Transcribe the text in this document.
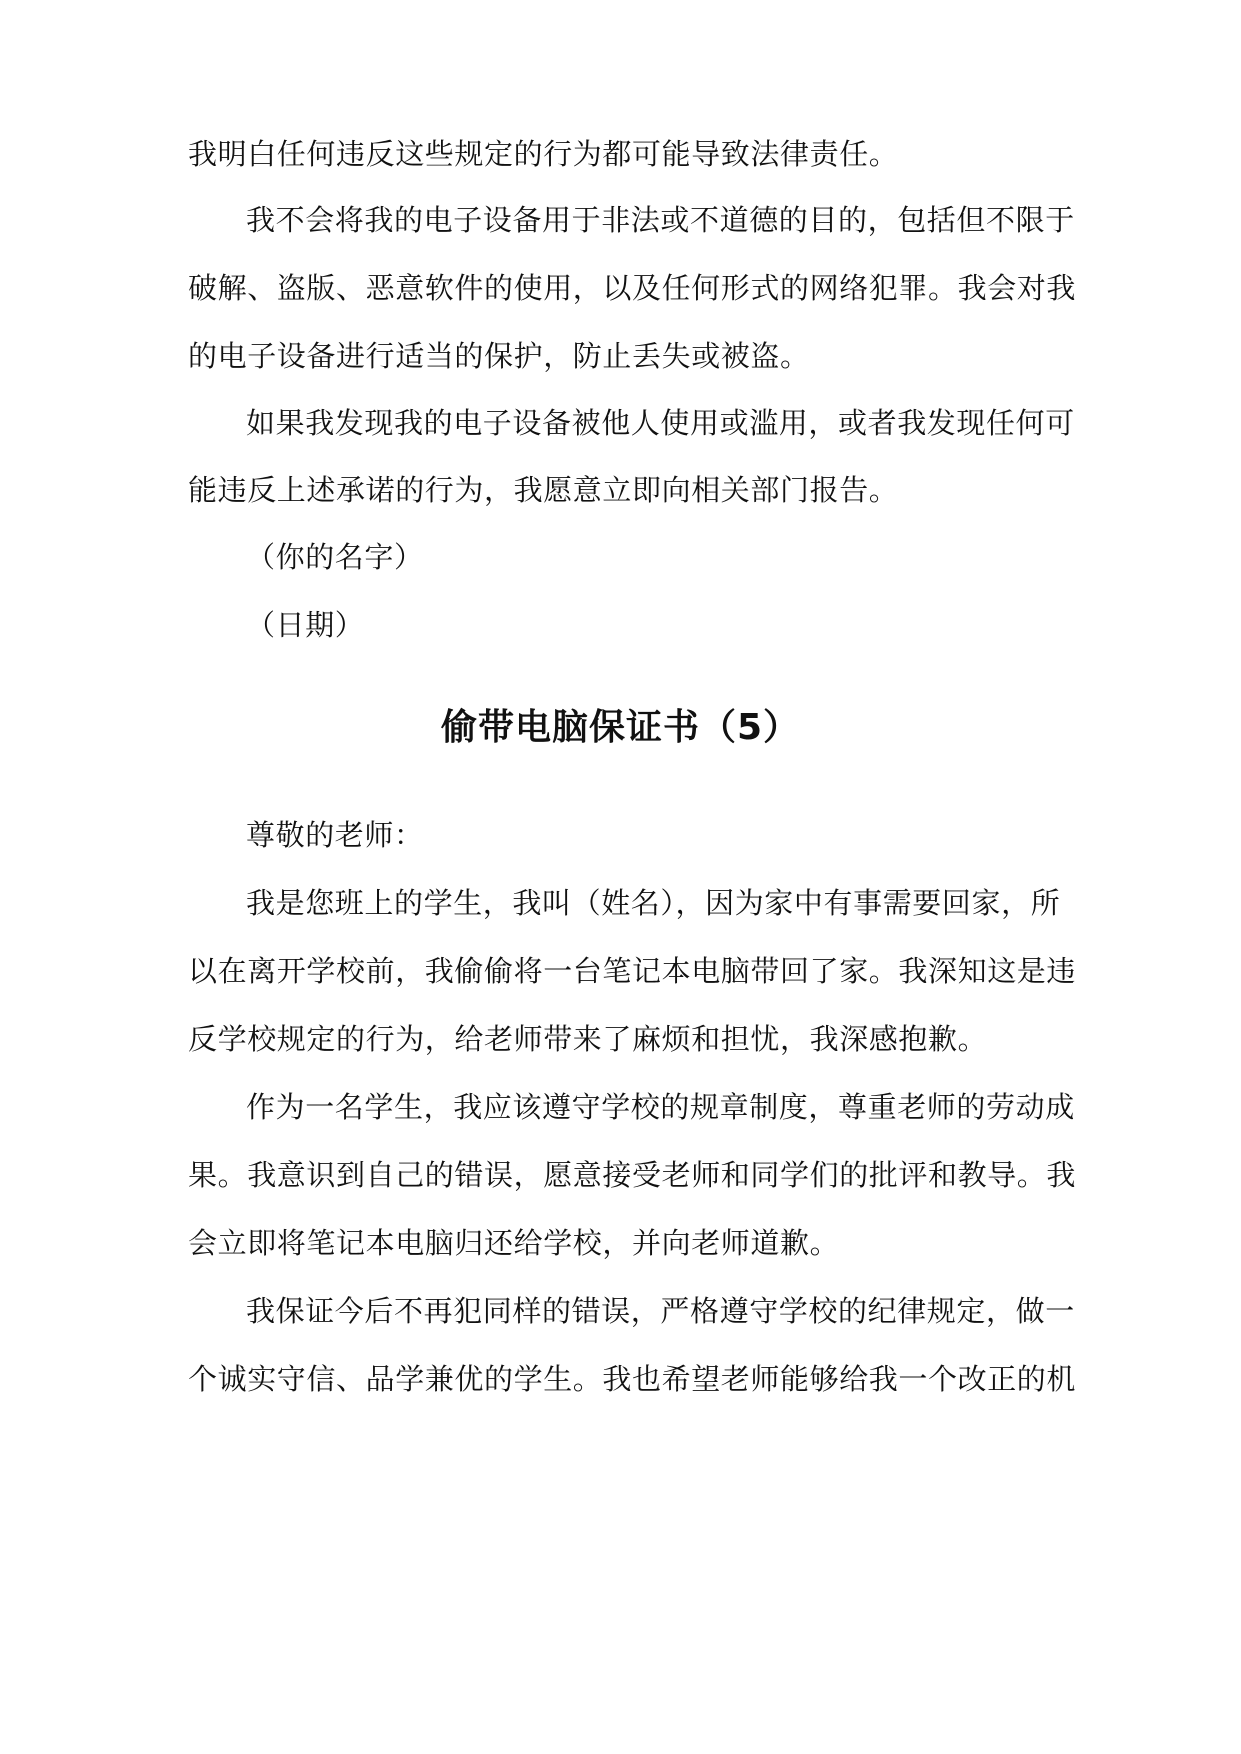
我明白任何违反这些规定的行为都可能导致法律责任。
我不会将我的电子设备用于非法或不道德的目的，包括但不限于
破解、盗版、恶意软件的使用，以及任何形式的网络犯罪。我会对我
的电子设备进行适当的保护，防止丢失或被盗。
如果我发现我的电子设备被他人使用或滥用，或者我发现任何可
能违反上述承诺的行为，我愿意立即向相关部门报告。
（你的名字）
（日期）
偷带电脑保证书（5）
尊敬的老师：
我是您班上的学生，我叫（姓名），因为家中有事需要回家，所
以在离开学校前，我偷偷将一台笔记本电脑带回了家。我深知这是违
反学校规定的行为，给老师带来了麻烦和担忧，我深感抱歉。
作为一名学生，我应该遵守学校的规章制度，尊重老师的劳动成
果。我意识到自己的错误，愿意接受老师和同学们的批评和教导。我
会立即将笔记本电脑归还给学校，并向老师道歉。
我保证今后不再犯同样的错误，严格遵守学校的纪律规定，做一
个诚实守信、品学兼优的学生。我也希望老师能够给我一个改正的机
